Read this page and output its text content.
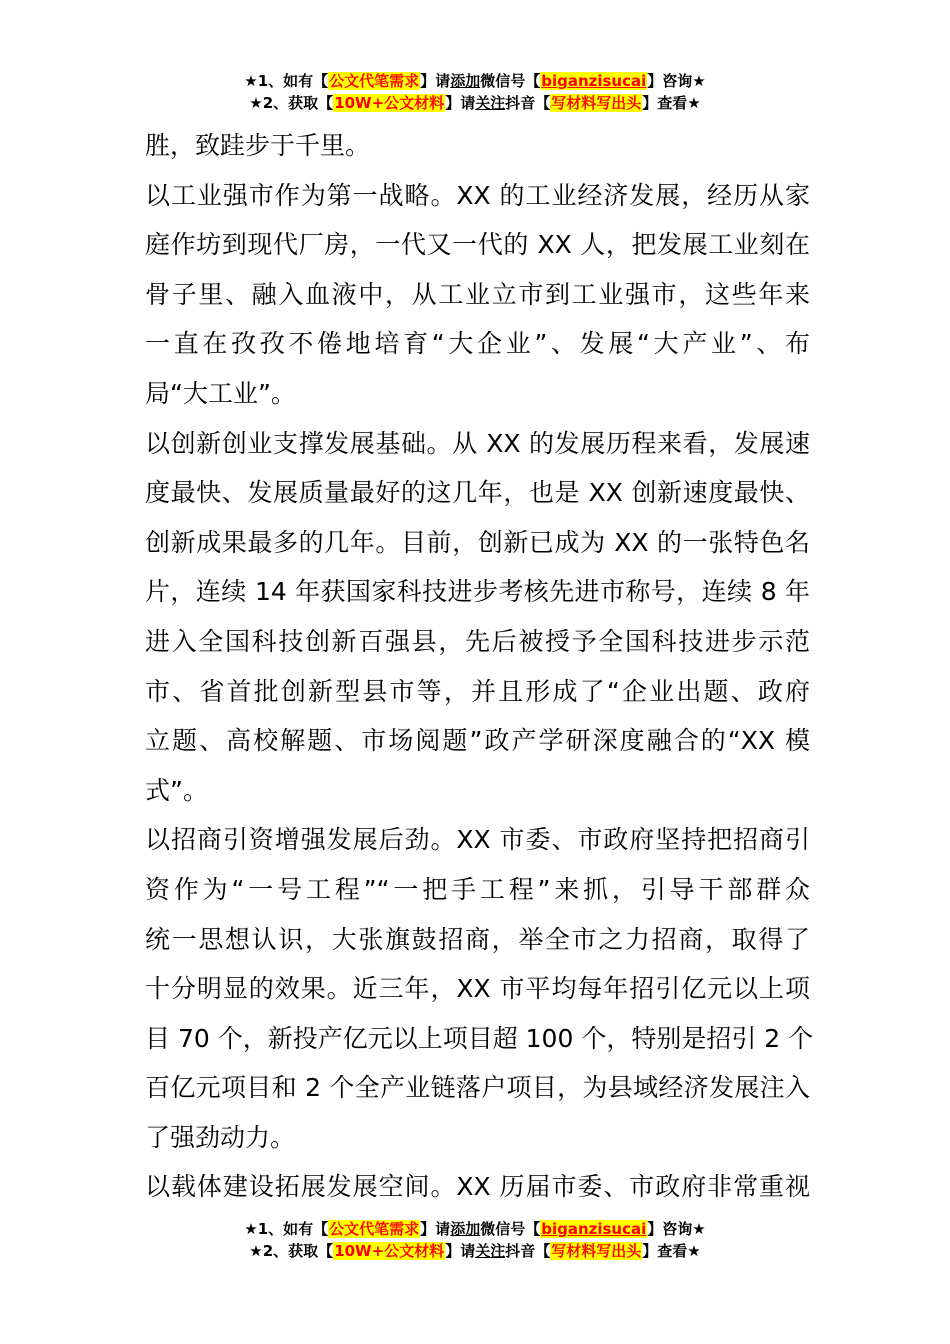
★1、如有【公文代笔需求】请添加微信号【biganzisucai】咨询★
★2、获取【10W+公文材料】请关注抖音【写材料写出头】查看★
胜，致跬步于千里。
以工业强市作为第一战略。XX 的工业经济发展，经历从家
庭作坊到现代厂房，一代又一代的 XX 人，把发展工业刻在
骨子里、融入血液中，从工业立市到工业强市，这些年来
一直在孜孜不倦地培育“大企业”、发展“大产业”、布
局“大工业”。
以创新创业支撑发展基础。从 XX 的发展历程来看，发展速
度最快、发展质量最好的这几年，也是 XX 创新速度最快、
创新成果最多的几年。目前，创新已成为 XX 的一张特色名
片，连续 14 年获国家科技进步考核先进市称号，连续 8 年
进入全国科技创新百强县，先后被授予全国科技进步示范
市、省首批创新型县市等，并且形成了“企业出题、政府
立题、高校解题、市场阅题”政产学研深度融合的“XX 模
式”。
以招商引资增强发展后劲。XX 市委、市政府坚持把招商引
资作为“一号工程”“一把手工程”来抓，引导干部群众
统一思想认识，大张旗鼓招商，举全市之力招商，取得了
十分明显的效果。近三年，XX 市平均每年招引亿元以上项
目 70 个，新投产亿元以上项目超 100 个，特别是招引 2 个
百亿元项目和 2 个全产业链落户项目，为县域经济发展注入
了强劲动力。
以载体建设拓展发展空间。XX 历届市委、市政府非常重视
★1、如有【公文代笔需求】请添加微信号【biganzisucai】咨询★
★2、获取【10W+公文材料】请关注抖音【写材料写出头】查看★
